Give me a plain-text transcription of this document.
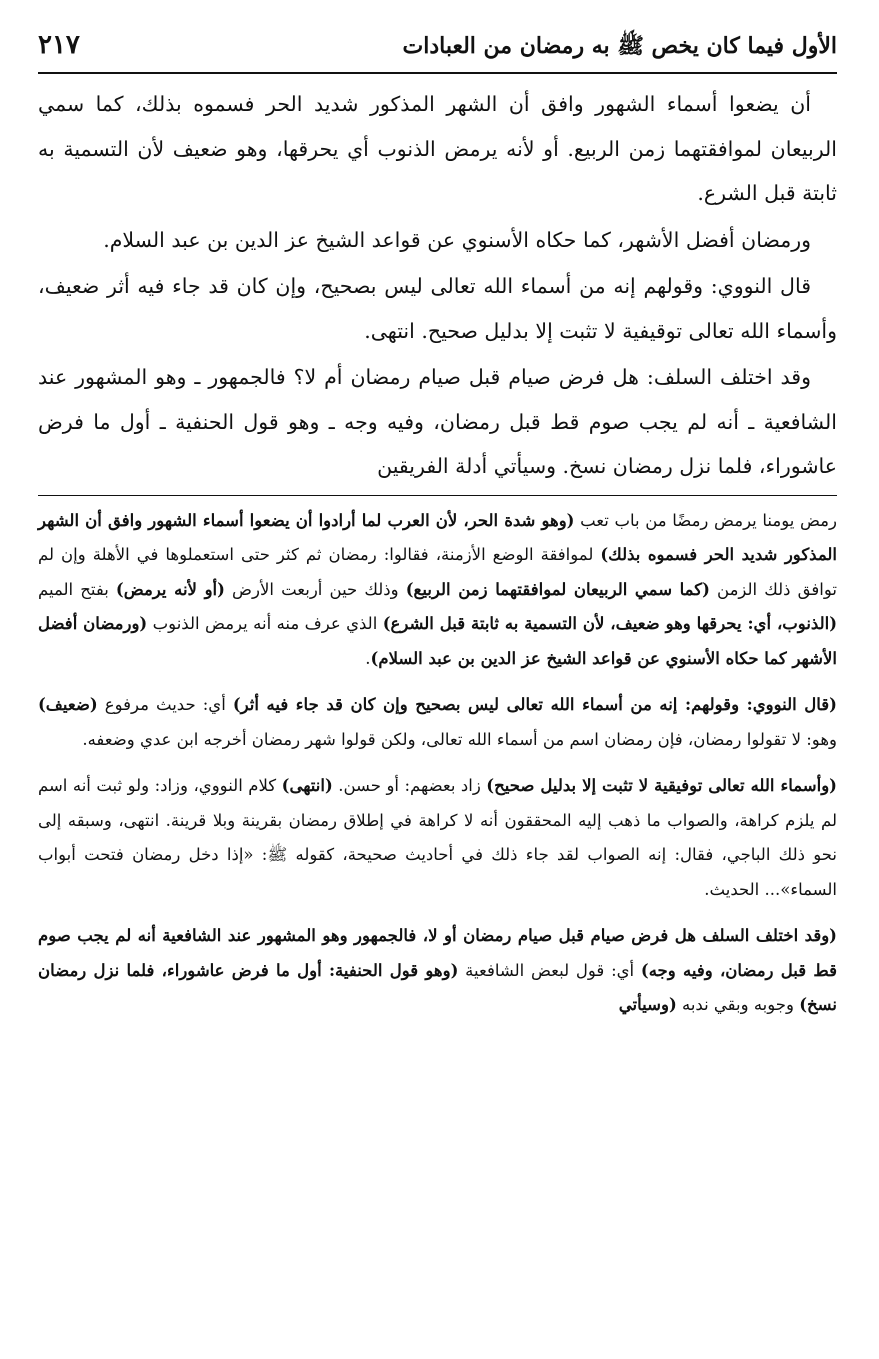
الأول فيما كان يخص ﷺ به رمضان من العبادات
٢١٧

أن يضعوا أسماء الشهور وافق أن الشهر المذكور شديد الحر فسموه بذلك، كما سمي الربيعان لموافقتهما زمن الربيع. أو لأنه يرمض الذنوب أي يحرقها، وهو ضعيف لأن التسمية به ثابتة قبل الشرع.

ورمضان أفضل الأشهر، كما حكاه الأسنوي عن قواعد الشيخ عز الدين بن عبد السلام.

قال النووي: وقولهم إنه من أسماء الله تعالى ليس بصحيح، وإن كان قد جاء فيه أثر ضعيف، وأسماء الله تعالى توقيفية لا تثبت إلا بدليل صحيح. انتهى.

وقد اختلف السلف: هل فرض صيام قبل صيام رمضان أم لا؟ فالجمهور ـ وهو المشهور عند الشافعية ـ أنه لم يجب صوم قط قبل رمضان، وفيه وجه ـ وهو قول الحنفية ـ أول ما فرض عاشوراء، فلما نزل رمضان نسخ. وسيأتي أدلة الفريقين

رمض يومنا يرمض رمضًا من باب تعب (وهو شدة الحر، لأن العرب لما أرادوا أن يضعوا أسماء الشهور وافق أن الشهر المذكور شديد الحر فسموه بذلك) لموافقة الوضع الأزمنة، فقالوا: رمضان ثم كثر حتى استعملوها في الأهلة وإن لم توافق ذلك الزمن (كما سمي الربيعان لموافقتهما زمن الربيع) وذلك حين أربعت الأرض (أو لأنه يرمض) بفتح الميم (الذنوب، أي: يحرقها وهو ضعيف، لأن التسمية به ثابتة قبل الشرع) الذي عرف منه أنه يرمض الذنوب (ورمضان أفضل الأشهر كما حكاه الأسنوي عن قواعد الشيخ عز الدين بن عبد السلام).

(قال النووي: وقولهم: إنه من أسماء الله تعالى ليس بصحيح وإن كان قد جاء فيه أثر) أي: حديث مرفوع (ضعيف) وهو: لا تقولوا رمضان، فإن رمضان اسم من أسماء الله تعالى، ولكن قولوا شهر رمضان أخرجه ابن عدي وضعفه.

(وأسماء الله تعالى توفيقية لا تثبت إلا بدليل صحيح) زاد بعضهم: أو حسن. (انتهى) كلام النووي، وزاد: ولو ثبت أنه اسم لم يلزم كراهة، والصواب ما ذهب إليه المحققون أنه لا كراهة في إطلاق رمضان بقرينة وبلا قرينة. انتهى، وسبقه إلى نحو ذلك الباجي، فقال: إنه الصواب لقد جاء ذلك في أحاديث صحيحة، كقوله ﷺ: «إذا دخل رمضان فتحت أبواب السماء»... الحديث.

(وقد اختلف السلف هل فرض صيام قبل صيام رمضان أو لا، فالجمهور وهو المشهور عند الشافعية أنه لم يجب صوم قط قبل رمضان، وفيه وجه) أي: قول لبعض الشافعية (وهو قول الحنفية: أول ما فرض عاشوراء، فلما نزل رمضان نسخ) وجوبه وبقي ندبه (وسيأتي
